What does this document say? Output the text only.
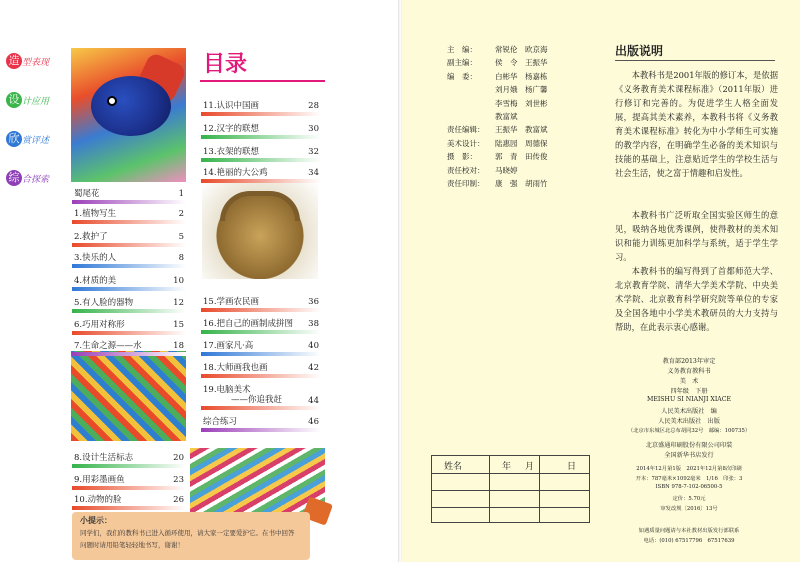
造 型表现
设 计应用
欣 赏评述
综 合探索
目录
11.认识中国画	28
12.汉字的联想	30
13.衣架的联想	32
14.艳丽的大公鸡	34
蜀尾花	1
1.植物写生	2
2.救护了	5
3.快乐的人	8
4.材质的美	10
5.有人脸的器物	12
6.巧用对称形	15
7.生命之源——水	18
15.学画农民画	36
16.把自己的画制成拼图 38
17.画家凡·高	40
18.大师画我也画	42
19.电脑美术
——你追我赶	44
综合练习	46
8.设计生活标志	20
9.用彩墨画鱼	23
10.动物的脸	26
小提示：
同学们，我们的教科书已进入循环使用，请大家一定要爱护它。在书中回答问题时请用铅笔轻轻地书写，谢谢！
主　编：	常锐伦　欧京海
副主编：	侯　令　王振华
编　委：	白彬华　杨嘉栋
刘月娥　杨广馨
李雪梅　刘世彬
教富斌
责任编辑：	王振华　教富斌
美术设计：	陆惠园　周德保
摄　影：	郭　青　田传俊
责任校对：	马晓婷
责任印制：	康　强　胡雨竹
姓名	年 月	日
出版说明
本教科书是2001年版的修订本，是依据《义务教育美术课程标准》（2011年版）进行修订和完善的。为促进学生人格全面发展，提高其美术素养，本教科书将《义务教育美术课程标准》转化为中小学师生可实施的教学内容，在明确学生必备的美术知识与技能的基础上，注意贴近学生的学校生活与社会生活，使之富于情趣和启发性。
本教科书广泛听取全国实验区师生的意见，吸纳各地优秀课例，使得教材的美术知识和能力训练更加科学与系统，适于学生学习。
本教科书的编写得到了首都师范大学、北京教育学院、清华大学美术学院、中央美术学院、北京教育科学研究院等单位的专家及全国各地中小学美术教研员的大力支持与帮助，在此表示衷心感谢。
教育部2013年审定
义务教育教科书
美　术
四年级　下册
MEISHU SI NIANJI XIACE
人民美术出版社　编
人民美术出版社　出版
（北京市东城区北总布胡同32号　邮编：100735）
北京盛通印刷股份有限公司印装
全国新华书店发行
2014年12月第1版　2021年12月第8次印刷
开本：787毫米×1092毫米　1/16　印张：3
ISBN 978-7-102-06500-5
定价：5.70元
审发改规〔2016〕13号
如遇质量问题请与本社教材出版发行部联系
电话：(010) 67517796　67517639
